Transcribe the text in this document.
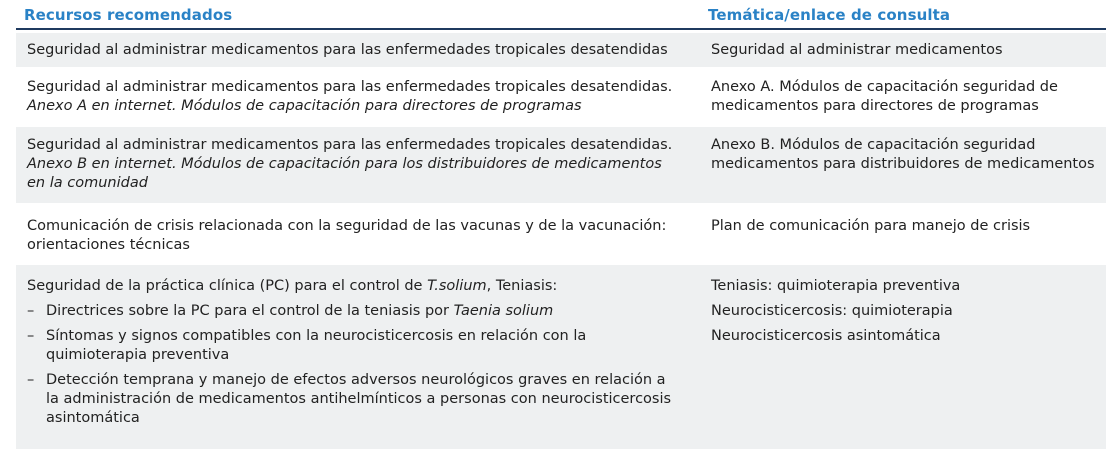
Recursos recomendados	Temática/enlace de consulta
Seguridad al administrar medicamentos para las enfermedades tropicales desatendidas	Seguridad al administrar medicamentos
Seguridad al administrar medicamentos para las enfermedades tropicales desatendidas.
Anexo A en internet. Módulos de capacitación para directores de programas
Anexo A. Módulos de capacitación seguridad de
medicamentos para directores de programas
Seguridad al administrar medicamentos para las enfermedades tropicales desatendidas.
Anexo B en internet. Módulos de capacitación para los distribuidores de medicamentos
en la comunidad
Anexo B. Módulos de capacitación seguridad
medicamentos para distribuidores de medicamentos
Comunicación de crisis relacionada con la seguridad de las vacunas y de la vacunación:
orientaciones técnicas
Plan de comunicación para manejo de crisis
Seguridad de la práctica clínica (PC) para el control de T.solium, Teniasis:
– Directrices sobre la PC para el control de la teniasis por Taenia solium
– Síntomas y signos compatibles con la neurocisticercosis en relación con la
quimioterapia preventiva
– Detección temprana y manejo de efectos adversos neurológicos graves en relación a
la administración de medicamentos antihelmínticos a personas con neurocisticercosis
asintomática
Teniasis: quimioterapia preventiva
Neurocisticercosis: quimioterapia
Neurocisticercosis asintomática
